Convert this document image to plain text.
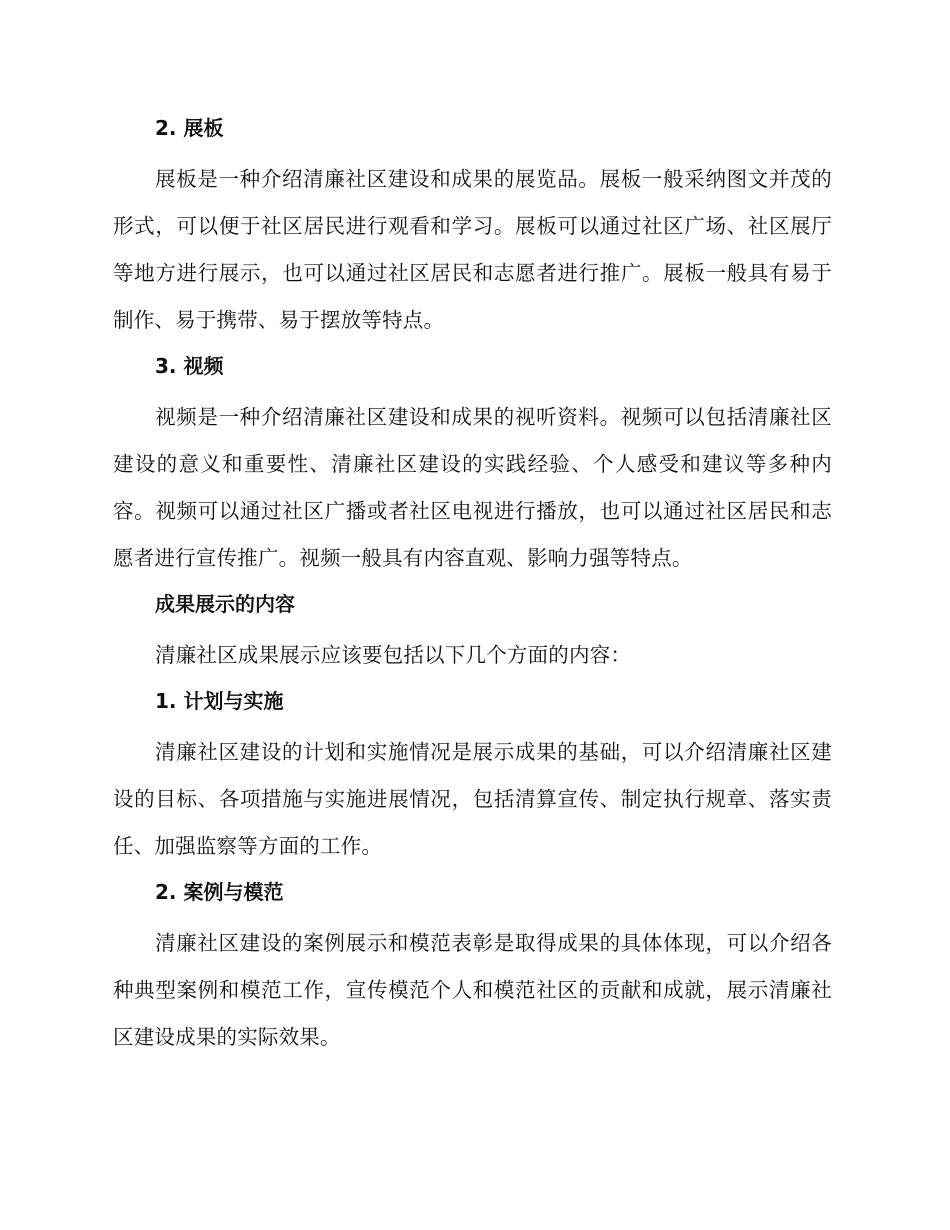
2. 展板

展板是一种介绍清廉社区建设和成果的展览品。展板一般采纳图文并茂的形式，可以便于社区居民进行观看和学习。展板可以通过社区广场、社区展厅等地方进行展示，也可以通过社区居民和志愿者进行推广。展板一般具有易于制作、易于携带、易于摆放等特点。

3. 视频

视频是一种介绍清廉社区建设和成果的视听资料。视频可以包括清廉社区建设的意义和重要性、清廉社区建设的实践经验、个人感受和建议等多种内容。视频可以通过社区广播或者社区电视进行播放，也可以通过社区居民和志愿者进行宣传推广。视频一般具有内容直观、影响力强等特点。

成果展示的内容

清廉社区成果展示应该要包括以下几个方面的内容：

1. 计划与实施

清廉社区建设的计划和实施情况是展示成果的基础，可以介绍清廉社区建设的目标、各项措施与实施进展情况，包括清算宣传、制定执行规章、落实责任、加强监察等方面的工作。

2. 案例与模范

清廉社区建设的案例展示和模范表彰是取得成果的具体体现，可以介绍各种典型案例和模范工作，宣传模范个人和模范社区的贡献和成就，展示清廉社区建设成果的实际效果。
